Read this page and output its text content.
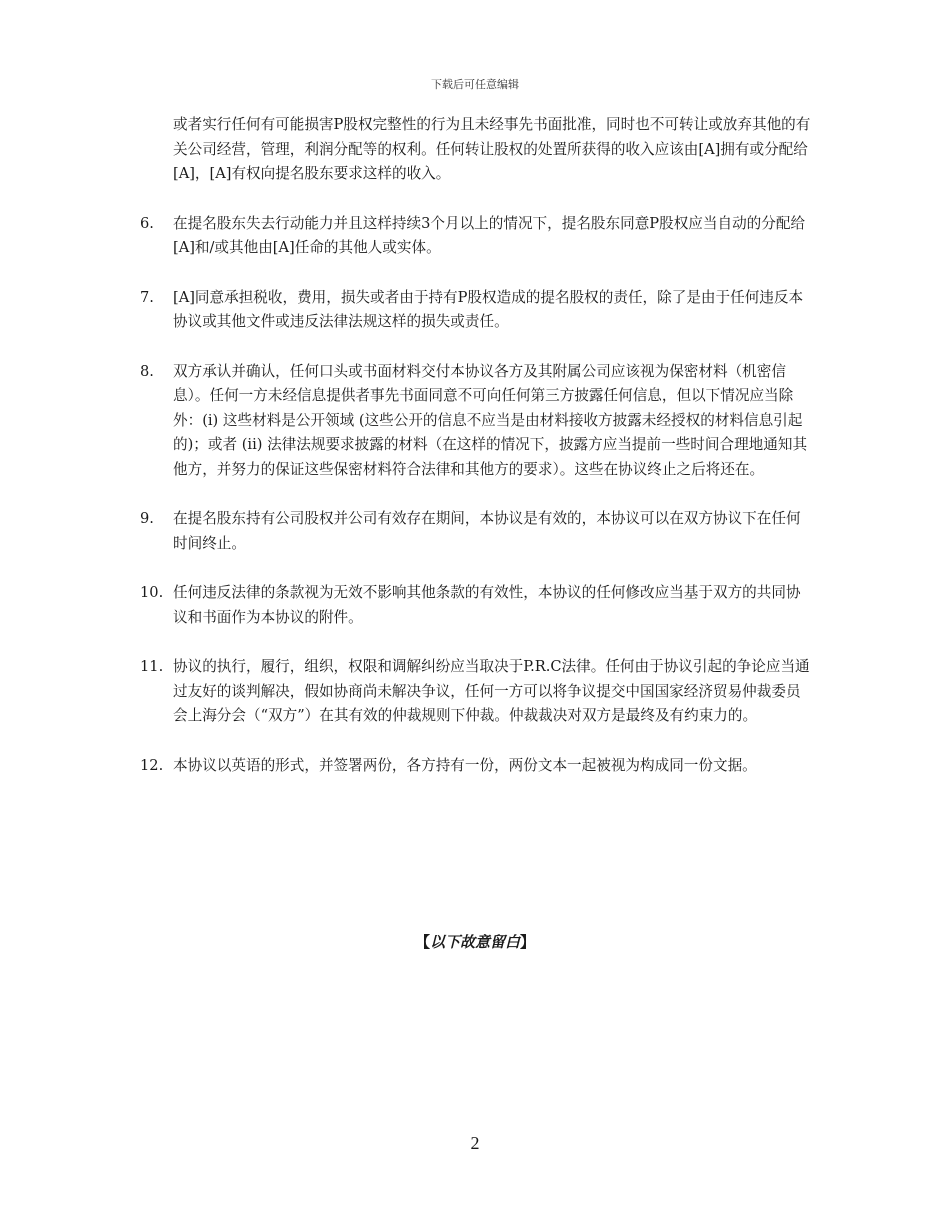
下载后可任意编辑

或者实行任何有可能损害P股权完整性的行为且未经事先书面批准，同时也不可转让或放弃其他的有关公司经营，管理，利润分配等的权利。任何转让股权的处置所获得的收入应该由[A]拥有或分配给[A]，[A]有权向提名股东要求这样的收入。

6.	在提名股东失去行动能力并且这样持续3个月以上的情况下，提名股东同意P股权应当自动的分配给[A]和/或其他由[A]任命的其他人或实体。
7.	[A]同意承担税收，费用，损失或者由于持有P股权造成的提名股权的责任，除了是由于任何违反本协议或其他文件或违反法律法规这样的损失或责任。
8.	双方承认并确认，任何口头或书面材料交付本协议各方及其附属公司应该视为保密材料（机密信息）。任何一方未经信息提供者事先书面同意不可向任何第三方披露任何信息，但以下情况应当除外：(i) 这些材料是公开领域 (这些公开的信息不应当是由材料接收方披露未经授权的材料信息引起的)；或者 (ii) 法律法规要求披露的材料（在这样的情况下，披露方应当提前一些时间合理地通知其他方，并努力的保证这些保密材料符合法律和其他方的要求）。这些在协议终止之后将还在。
9.	在提名股东持有公司股权并公司有效存在期间，本协议是有效的，本协议可以在双方协议下在任何时间终止。
10. 任何违反法律的条款视为无效不影响其他条款的有效性，本协议的任何修改应当基于双方的共同协议和书面作为本协议的附件。
11. 协议的执行，履行，组织，权限和调解纠纷应当取决于P.R.C法律。任何由于协议引起的争论应当通过友好的谈判解决，假如协商尚未解决争议，任何一方可以将争议提交中国国家经济贸易仲裁委员会上海分会（“双方”）在其有效的仲裁规则下仲裁。仲裁裁决对双方是最终及有约束力的。
12. 本协议以英语的形式，并签署两份，各方持有一份，两份文本一起被视为构成同一份文据。
【以下故意留白】
2
